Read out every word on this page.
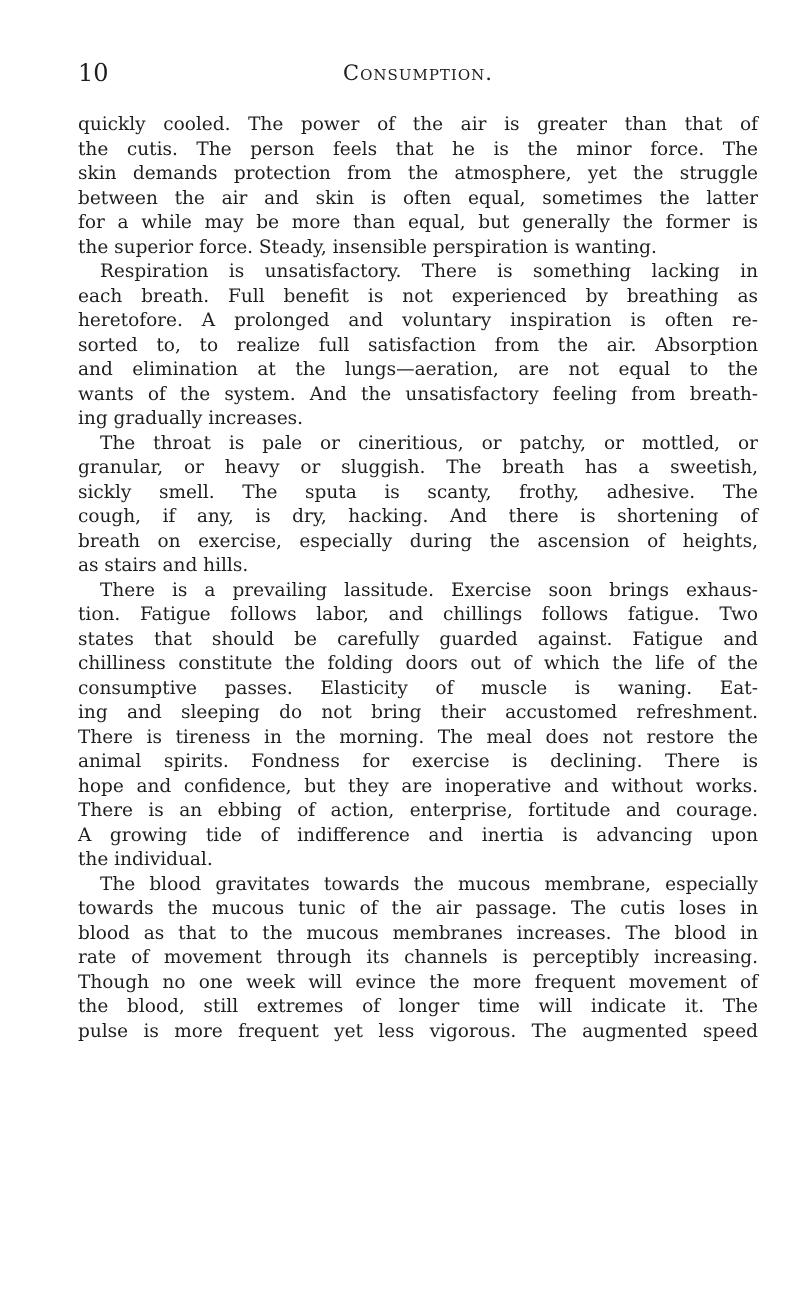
10	Consumption.
quickly cooled. The power of the air is greater than that of
the cutis. The person feels that he is the minor force. The
skin demands protection from the atmosphere, yet the struggle
between the air and skin is often equal, sometimes the latter
for a while may be more than equal, but generally the former is
the superior force. Steady, insensible perspiration is wanting.
Respiration is unsatisfactory. There is something lacking in
each breath. Full benefit is not experienced by breathing as
heretofore. A prolonged and voluntary inspiration is often re-
sorted to, to realize full satisfaction from the air. Absorption
and elimination at the lungs—aeration, are not equal to the
wants of the system. And the unsatisfactory feeling from breath-
ing gradually increases.
The throat is pale or cineritious, or patchy, or mottled, or
granular, or heavy or sluggish. The breath has a sweetish,
sickly smell. The sputa is scanty, frothy, adhesive. The
cough, if any, is dry, hacking. And there is shortening of
breath on exercise, especially during the ascension of heights,
as stairs and hills.
There is a prevailing lassitude. Exercise soon brings exhaus-
tion. Fatigue follows labor, and chillings follows fatigue. Two
states that should be carefully guarded against. Fatigue and
chilliness constitute the folding doors out of which the life of the
consumptive passes. Elasticity of muscle is waning. Eat-
ing and sleeping do not bring their accustomed refreshment.
There is tireness in the morning. The meal does not restore the
animal spirits. Fondness for exercise is declining. There is
hope and confidence, but they are inoperative and without works.
There is an ebbing of action, enterprise, fortitude and courage.
A growing tide of indifference and inertia is advancing upon
the individual.
The blood gravitates towards the mucous membrane, especially
towards the mucous tunic of the air passage. The cutis loses in
blood as that to the mucous membranes increases. The blood in
rate of movement through its channels is perceptibly increasing.
Though no one week will evince the more frequent movement of
the blood, still extremes of longer time will indicate it. The
pulse is more frequent yet less vigorous. The augmented speed
